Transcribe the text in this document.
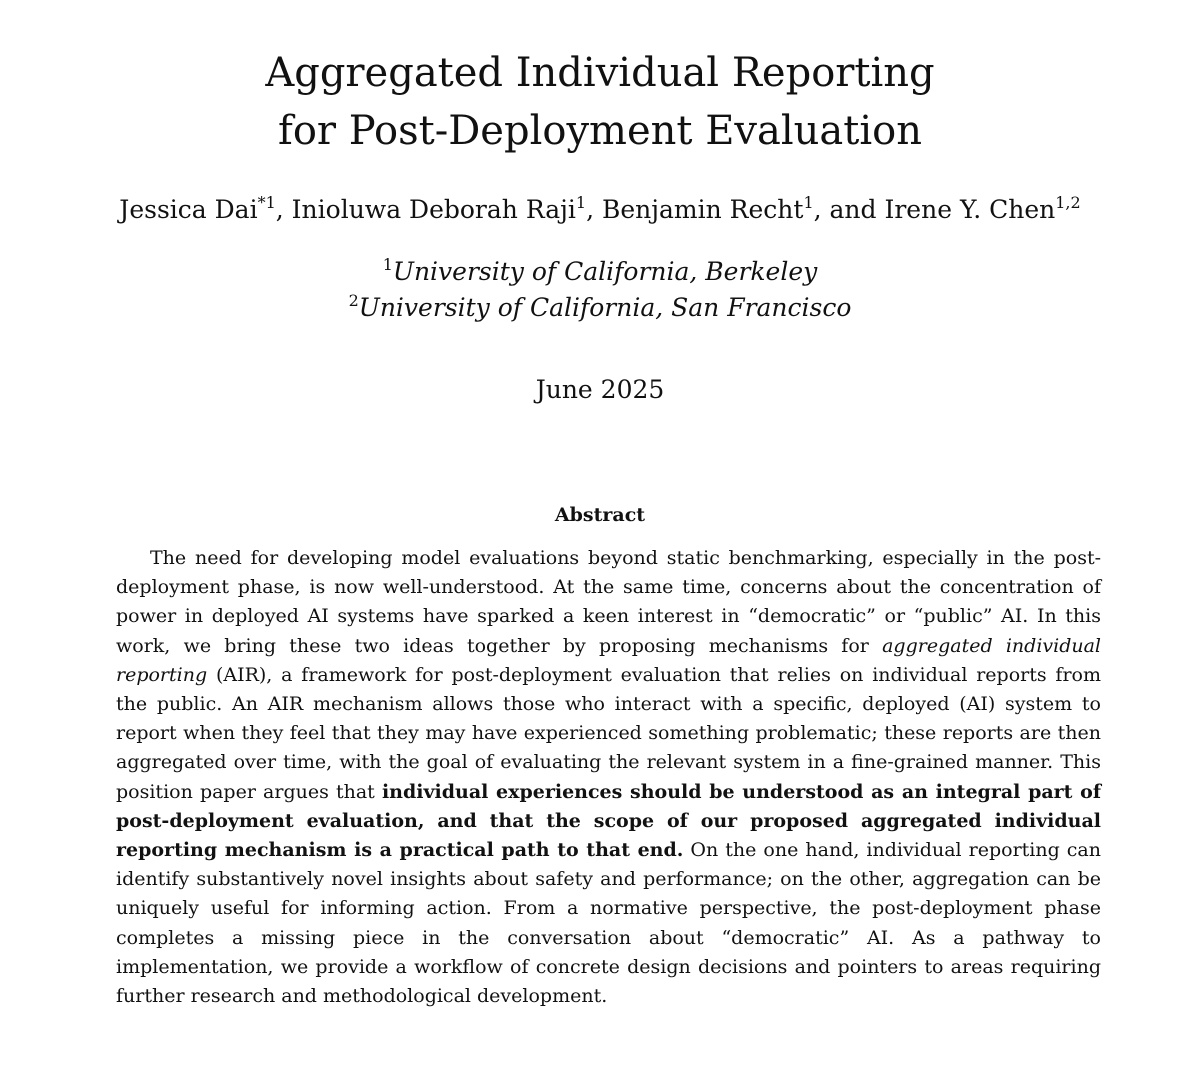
Aggregated Individual Reporting
for Post-Deployment Evaluation
Jessica Dai$^{*1}$, Inioluwa Deborah Raji$^1$, Benjamin Recht$^1$, and Irene Y. Chen$^{1,2}$
$^1$University of California, Berkeley
$^2$University of California, San Francisco
June 2025
Abstract

The need for developing model evaluations beyond static benchmarking, especially in the post-deployment phase, is now well-understood. At the same time, concerns about the concentration of power in deployed AI systems have sparked a keen interest in “democratic” or “public” AI. In this work, we bring these two ideas together by proposing mechanisms for aggregated individual reporting (AIR), a framework for post-deployment evaluation that relies on individual reports from the public. An AIR mechanism allows those who interact with a specific, deployed (AI) system to report when they feel that they may have experienced something problematic; these reports are then aggregated over time, with the goal of evaluating the relevant system in a fine-grained manner. This position paper argues that individual experiences should be understood as an integral part of post-deployment evaluation, and that the scope of our proposed aggregated individual reporting mechanism is a practical path to that end. On the one hand, individual reporting can identify substantively novel insights about safety and performance; on the other, aggregation can be uniquely useful for informing action. From a normative perspective, the post-deployment phase completes a missing piece in the conversation about “democratic” AI. As a pathway to implementation, we provide a workflow of concrete design decisions and pointers to areas requiring further research and methodological development.
